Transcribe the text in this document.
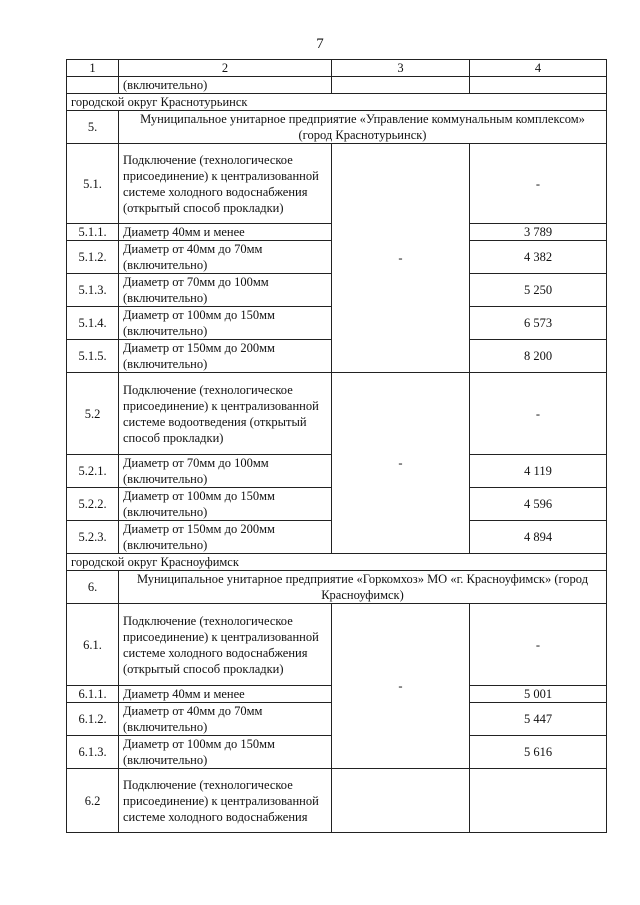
7
1	2	3	4
	(включительно)		
городской округ Краснотурьинск			
5.	Муниципальное унитарное предприятие «Управление коммунальным комплексом» (город Краснотурьинск)		
5.1.	Подключение (технологическое присоединение) к централизованной системе холодного водоснабжения (открытый способ прокладки)	-	-
5.1.1.	Диаметр 40мм и менее		3 789
5.1.2.	Диаметр от 40мм до 70мм (включительно)		4 382
5.1.3.	Диаметр от 70мм до 100мм (включительно)		5 250
5.1.4.	Диаметр от 100мм до 150мм (включительно)		6 573
5.1.5.	Диаметр от 150мм до 200мм (включительно)		8 200
5.2	Подключение (технологическое присоединение) к централизованной системе водоотведения (открытый способ прокладки)	-	-
5.2.1.	Диаметр от 70мм до 100мм (включительно)		4 119
5.2.2.	Диаметр от 100мм до 150мм (включительно)		4 596
5.2.3.	Диаметр от 150мм до 200мм (включительно)		4 894
городской округ Красноуфимск			
6.	Муниципальное унитарное предприятие «Горкомхоз» МО «г. Красноуфимск» (город Красноуфимск)		
6.1.	Подключение (технологическое присоединение) к централизованной системе холодного водоснабжения (открытый способ прокладки)	-	-
6.1.1.	Диаметр 40мм и менее		5 001
6.1.2.	Диаметр от 40мм до 70мм (включительно)		5 447
6.1.3.	Диаметр от 100мм до 150мм (включительно)		5 616
6.2	Подключение (технологическое присоединение) к централизованной системе холодного водоснабжения		
